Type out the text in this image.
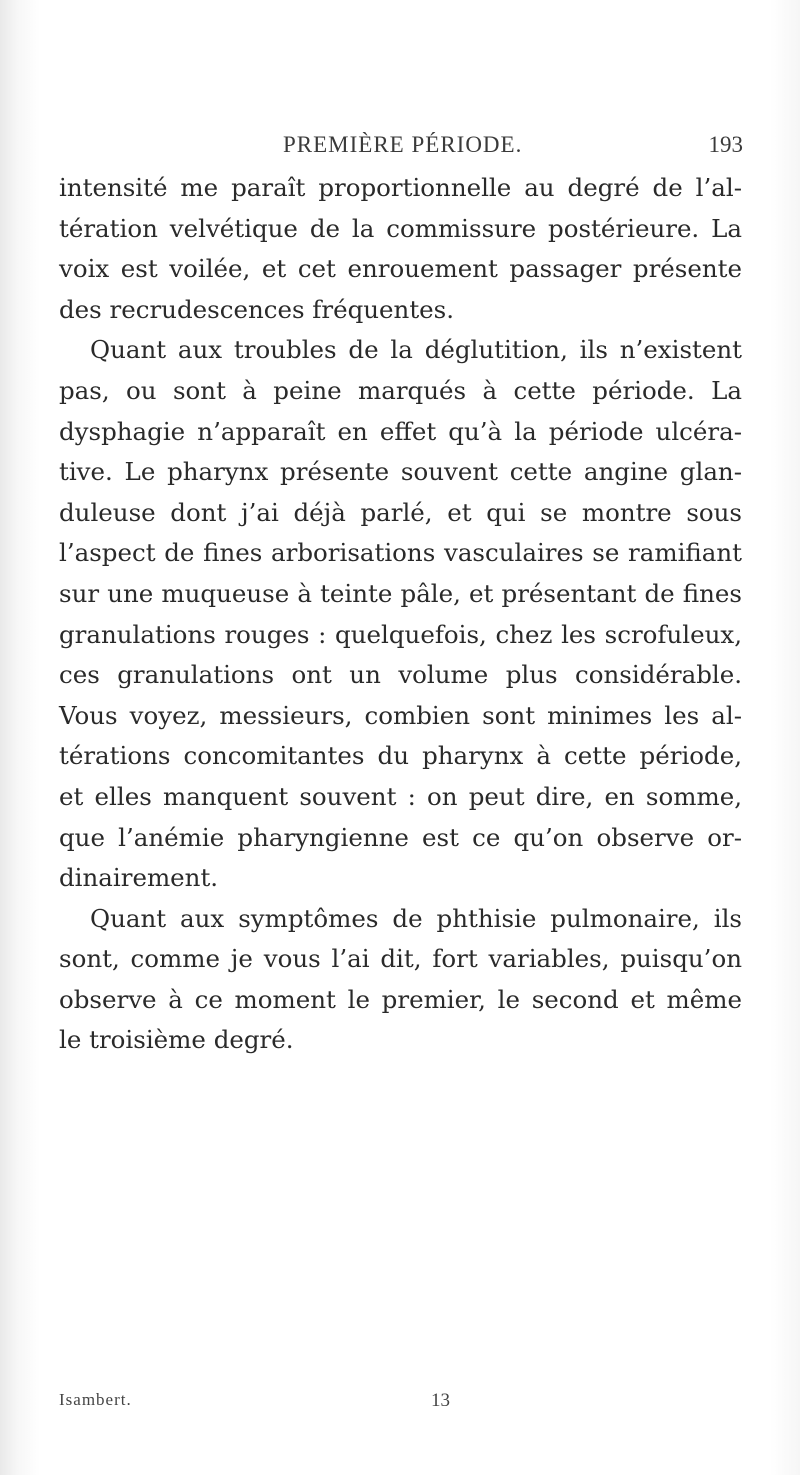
PREMIÈRE PÉRIODE.	193
intensité me paraît proportionnelle au degré de l’al-
tération velvétique de la commissure postérieure. La
voix est voilée, et cet enrouement passager présente
des recrudescences fréquentes.
Quant aux troubles de la déglutition, ils n’existent
pas, ou sont à peine marqués à cette période. La
dysphagie n’apparaît en effet qu’à la période ulcéra-
tive. Le pharynx présente souvent cette angine glan-
duleuse dont j’ai déjà parlé, et qui se montre sous
l’aspect de fines arborisations vasculaires se ramifiant
sur une muqueuse à teinte pâle, et présentant de fines
granulations rouges : quelquefois, chez les scrofuleux,
ces granulations ont un volume plus considérable.
Vous voyez, messieurs, combien sont minimes les al-
térations concomitantes du pharynx à cette période,
et elles manquent souvent : on peut dire, en somme,
que l’anémie pharyngienne est ce qu’on observe or-
dinairement.
Quant aux symptômes de phthisie pulmonaire, ils
sont, comme je vous l’ai dit, fort variables, puisqu’on
observe à ce moment le premier, le second et même
le troisième degré.
Isambert.	13
